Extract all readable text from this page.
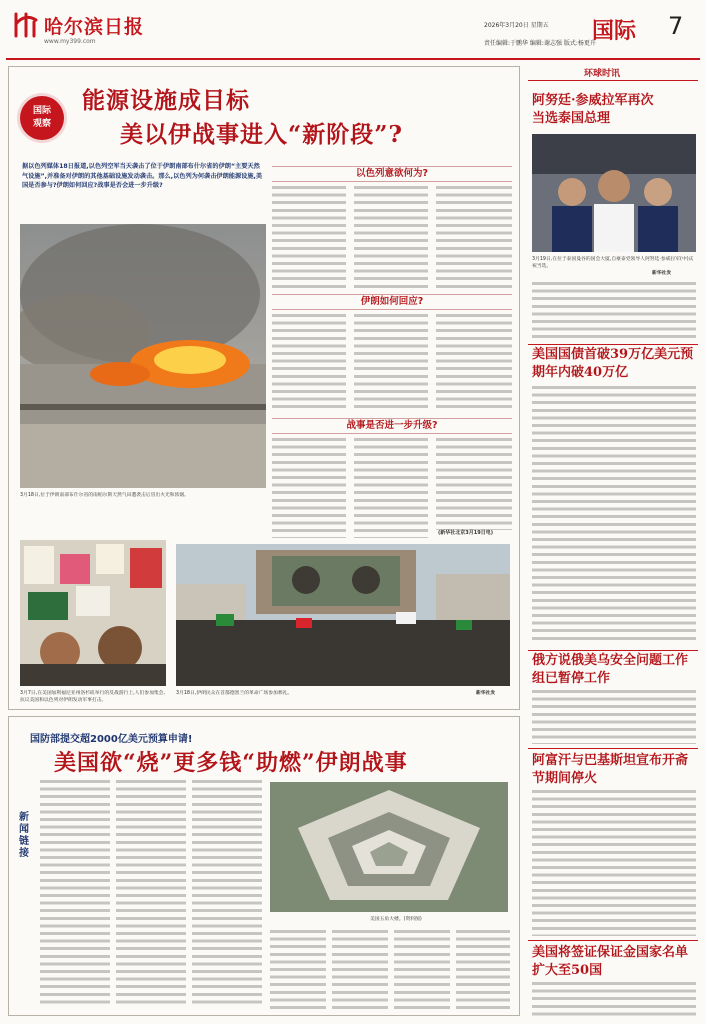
哈尔滨日报
www.my399.com
2026年3月20日 星期五
责任编辑:于鹏华 编辑:谢志强 版式:杨更升
国际 7
国际观察
能源设施成目标
美以伊战事进入“新阶段”?
据以色列媒体18日报道,以色列空军当天袭击了位于伊朗南部布什尔省的伊朗“主要天然气设施”,并准备对伊朗的其他基础设施发动袭击。那么,以色列为何袭击伊朗能源设施,美国是否参与?伊朗如何回应?战事是否会进一步升级?
以色列意欲何为?
3月18日,位于伊朗南部布什尔省的南帕尔斯天然气田遭袭击后冒出火光和浓烟。
伊朗如何回应?
战事是否进一步升级?
(新华社北京3月19日电)
3月7日,在美国加利福尼亚州洛杉矶举行的反战游行上,人们参加集会,抗议美国和以色列对伊朗发动军事打击。
3月18日,伊朗民众在首都德黑兰的革命广场参加葬礼。	新华社发
新闻链接
国防部提交超2000亿美元预算申请!
美国欲“烧”更多钱“助燃”伊朗战事
美国五角大楼。(资料图)
环球时讯
阿努廷·参威拉军再次当选泰国总理
3月19日,在位于泰国曼谷的国会大厦,自豪泰党领导人阿努廷·参威拉军(中)庆祝当选。
新华社发
美国国债首破39万亿美元预期年内破40万亿
俄方说俄美乌安全问题工作组已暂停工作
阿富汗与巴基斯坦宣布开斋节期间停火
美国将签证保证金国家名单扩大至50国
